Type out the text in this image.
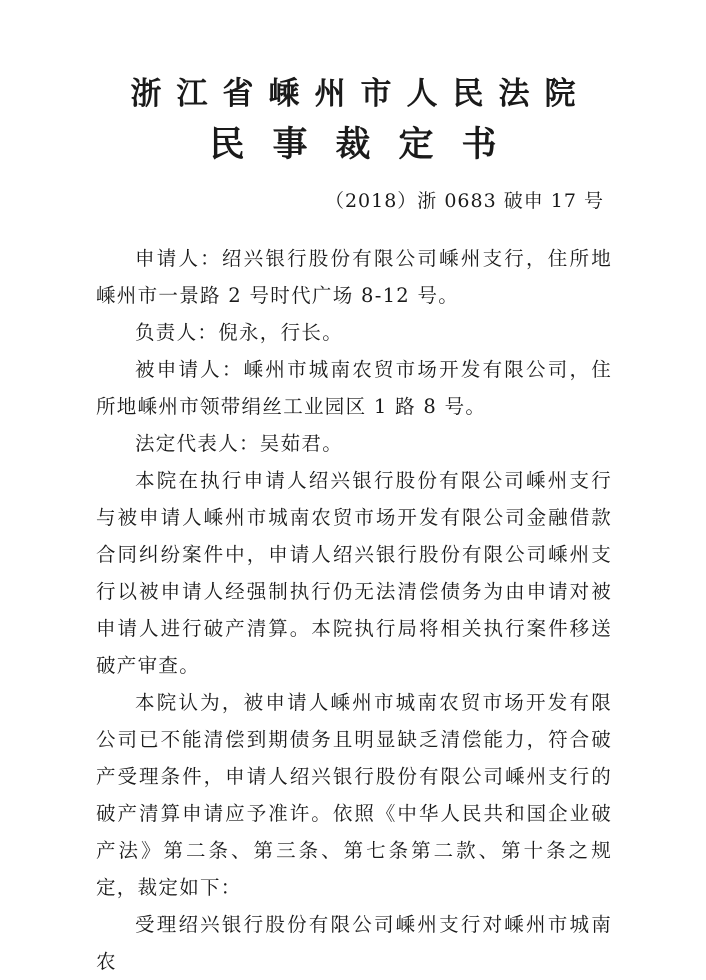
浙江省嵊州市人民法院
民事裁定书
（2018）浙 0683 破申 17 号

申请人：绍兴银行股份有限公司嵊州支行，住所地嵊州市一景路 2 号时代广场 8-12 号。

负责人：倪永，行长。

被申请人：嵊州市城南农贸市场开发有限公司，住所地嵊州市领带绢丝工业园区 1 路 8 号。

法定代表人：吴茹君。

本院在执行申请人绍兴银行股份有限公司嵊州支行与被申请人嵊州市城南农贸市场开发有限公司金融借款合同纠纷案件中，申请人绍兴银行股份有限公司嵊州支行以被申请人经强制执行仍无法清偿债务为由申请对被申请人进行破产清算。本院执行局将相关执行案件移送破产审查。

本院认为，被申请人嵊州市城南农贸市场开发有限公司已不能清偿到期债务且明显缺乏清偿能力，符合破产受理条件，申请人绍兴银行股份有限公司嵊州支行的破产清算申请应予准许。依照《中华人民共和国企业破产法》第二条、第三条、第七条第二款、第十条之规定，裁定如下：

受理绍兴银行股份有限公司嵊州支行对嵊州市城南农
